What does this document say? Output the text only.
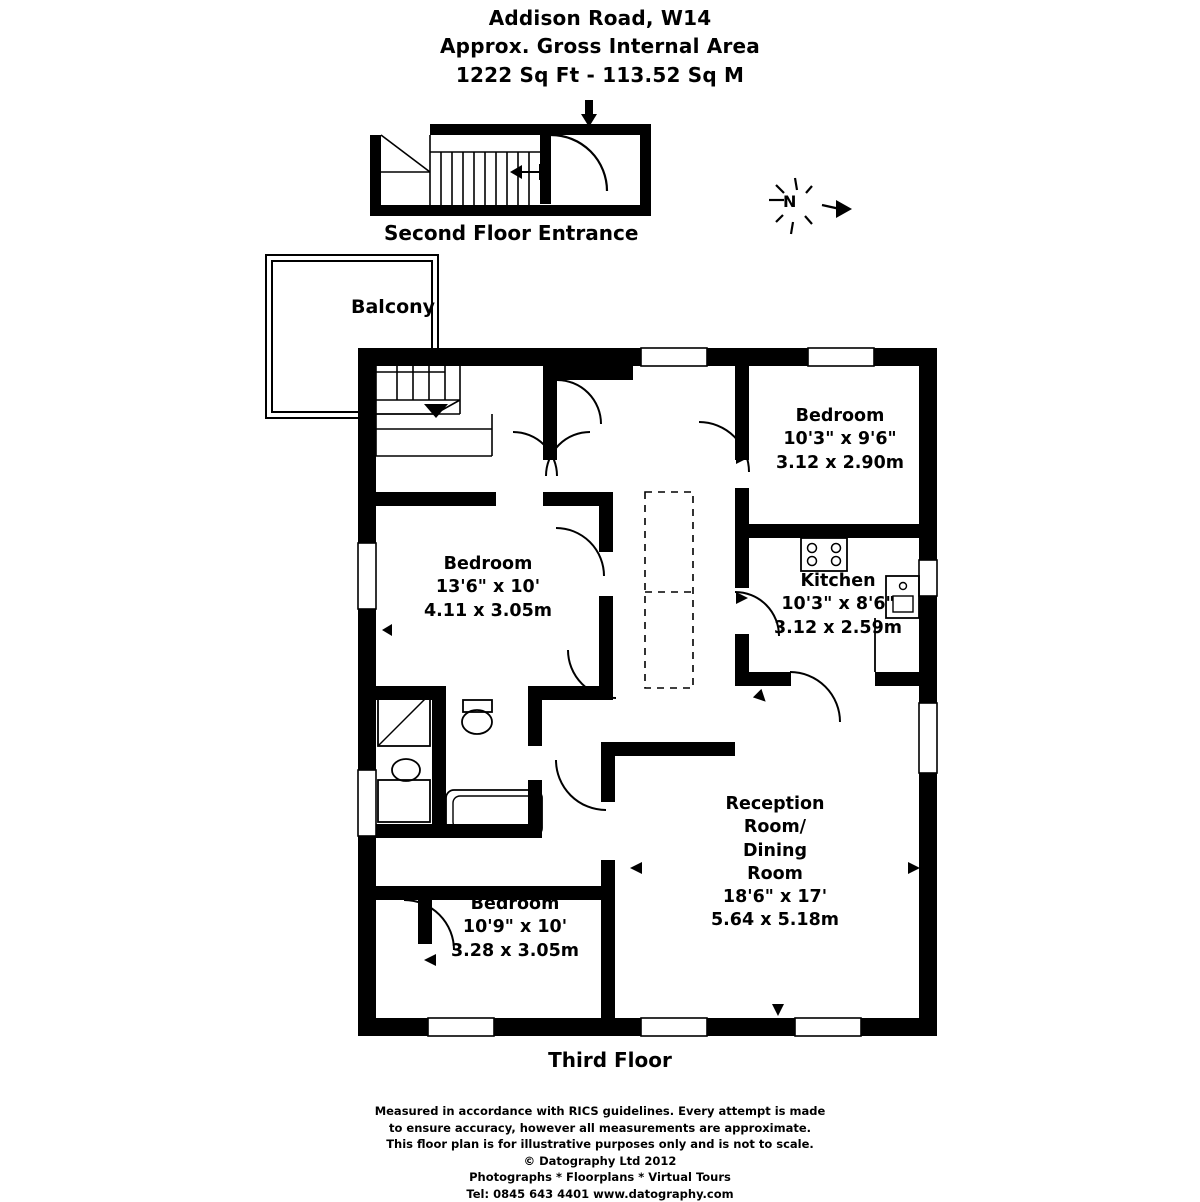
Addison Road, W14
Approx. Gross Internal Area
1222 Sq Ft - 113.52 Sq M
Second Floor Entrance
Third Floor
Balcony
N
Bedroom
10'3" x 9'6"
3.12 x 2.90m
Kitchen
10'3" x 8'6"
3.12 x 2.59m
Bedroom
13'6" x 10'
4.11 x 3.05m
Bedroom
10'9" x 10'
3.28 x 3.05m
Reception
Room/
Dining
Room
18'6" x 17'
5.64 x 5.18m
Measured in accordance with RICS guidelines. Every attempt is made
to ensure accuracy, however all measurements are approximate.
This floor plan is for illustrative purposes only and is not to scale.
© Datography Ltd 2012
Photographs * Floorplans * Virtual Tours
Tel: 0845 643 4401 www.datography.com
